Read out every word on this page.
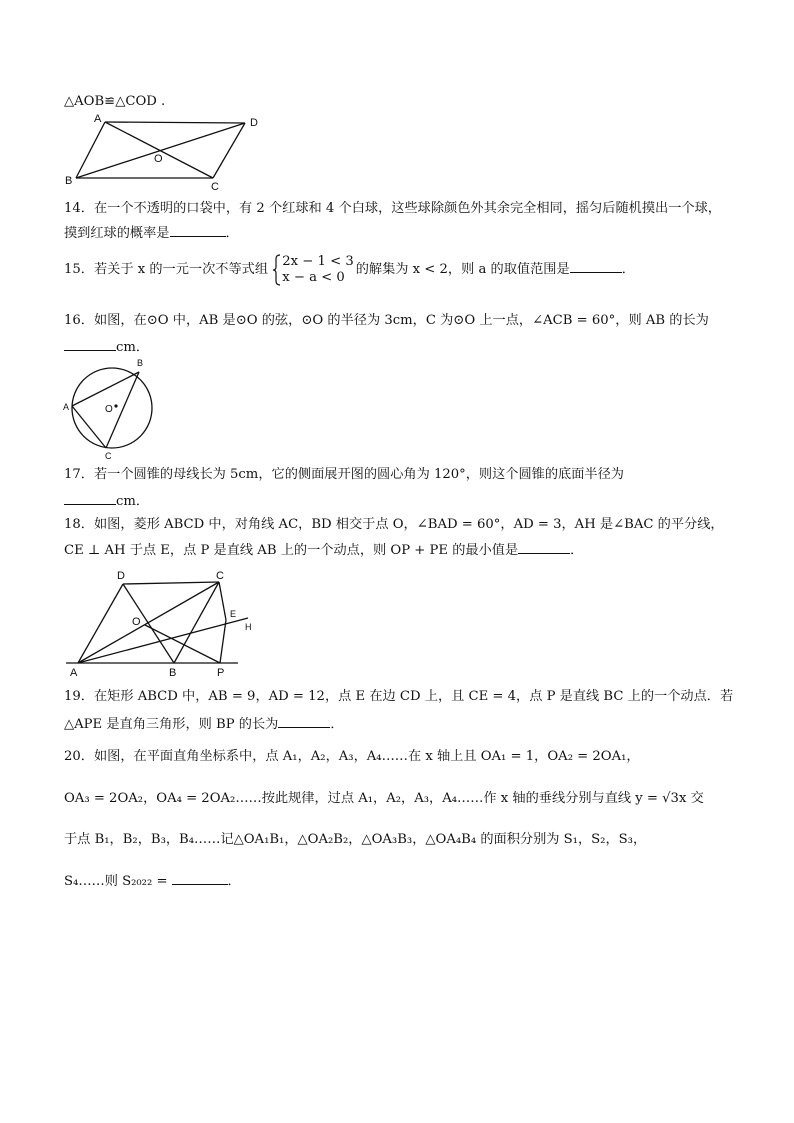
△AOB≌△COD .
A	D
B	C
O
14．在一个不透明的口袋中，有 2 个红球和 4 个白球，这些球除颜色外其余完全相同，摇匀后随机摸出一个球，
摸到红球的概率是	．
15．若关于 x 的一元一次不等式组
2x − 1 < 3
x − a < 0 的解集为 x < 2，则 a 的取值范围是	．
16．如图，在⊙O 中，AB 是⊙O 的弦，⊙O 的半径为 3cm，C 为⊙O 上一点，∠ACB = 60°，则 AB 的长为
cm．
A
B
C
O
17．若一个圆锥的母线长为 5cm，它的侧面展开图的圆心角为 120°，则这个圆锥的底面半径为
cm．
18．如图，菱形 ABCD 中，对角线 AC，BD 相交于点 O，∠BAD = 60°，AD = 3，AH 是∠BAC 的平分线，
CE ⊥ AH 于点 E，点 P 是直线 AB 上的一个动点，则 OP + PE 的最小值是	．
D	C
O
E
H
A	B	P
19．在矩形 ABCD 中，AB = 9，AD = 12，点 E 在边 CD 上，且 CE = 4，点 P 是直线 BC 上的一个动点．若
△APE 是直角三角形，则 BP 的长为	．
20．如图，在平面直角坐标系中，点 A₁，A₂，A₃，A₄……在 x 轴上且 OA₁ = 1，OA₂ = 2OA₁，
OA₃ = 2OA₂，OA₄ = 2OA₂……按此规律，过点 A₁，A₂，A₃，A₄……作 x 轴的垂线分别与直线 y = √3x 交
于点 B₁，B₂，B₃，B₄……记△OA₁B₁，△OA₂B₂，△OA₃B₃，△OA₄B₄ 的面积分别为 S₁，S₂，S₃，
S₄……则 S₂₀₂₂ =	．
